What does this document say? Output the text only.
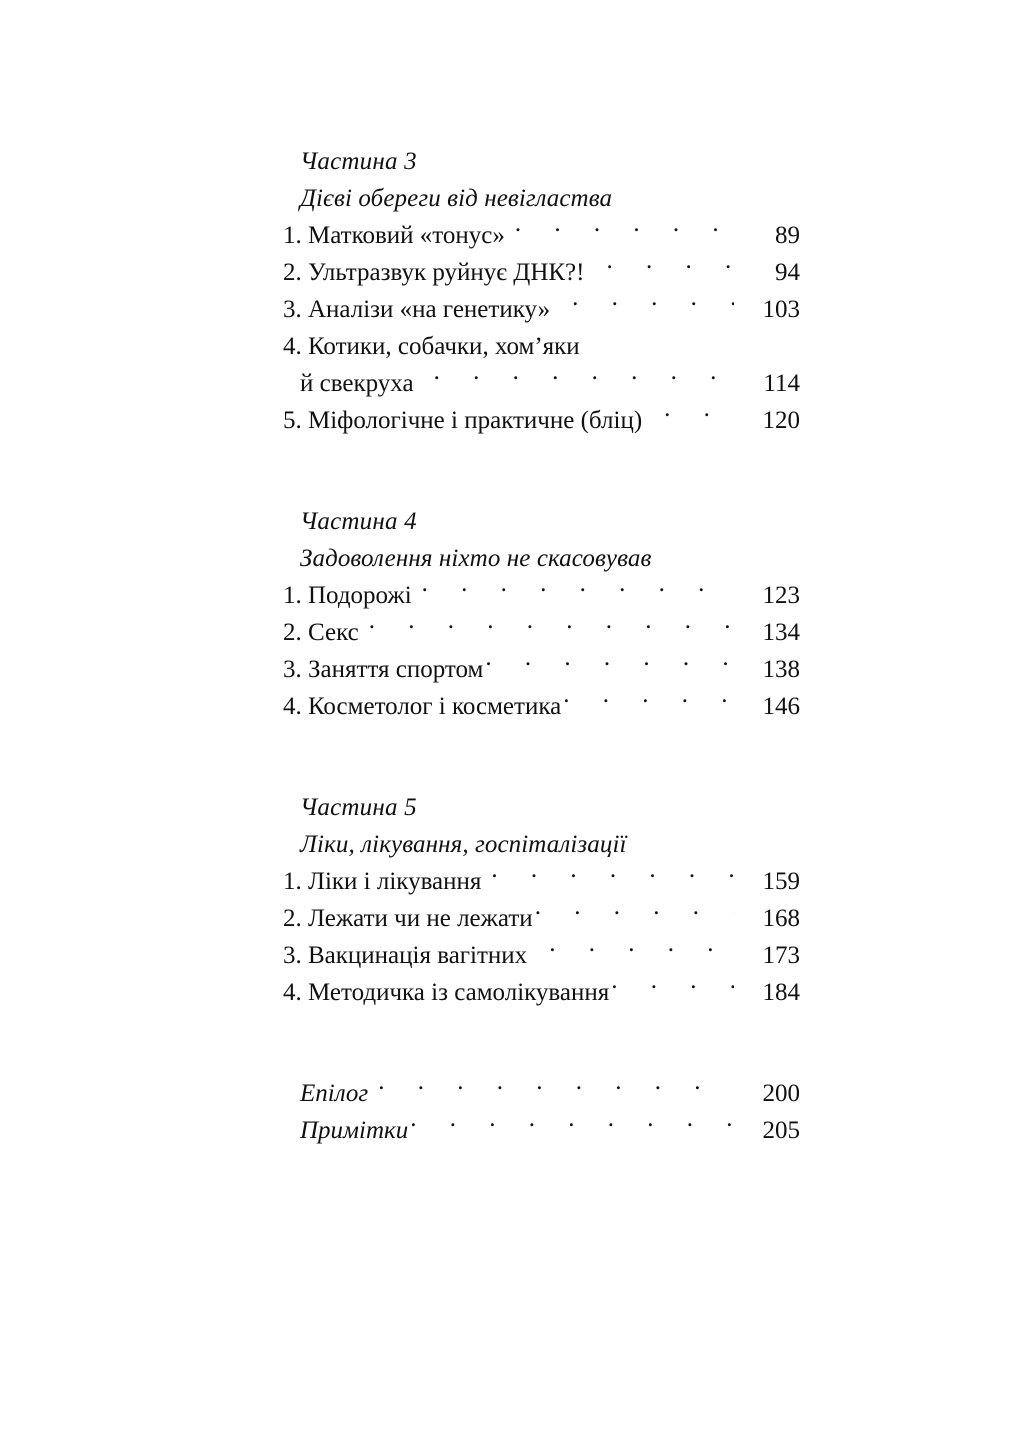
Частина 3
Дієві обереги від невігластва
1. Матковий «тонус» . . .	89
2. Ультразвук руйнує ДНК?! . . .	94
3. Аналізи «на генетику» . . .	103
4. Котики, собачки, хом’яки
й свекруха . . .	114
5. Міфологічне і практичне (бліц) . . .	120
Частина 4
Задоволення ніхто не скасовував
1. Подорожі . . .	123
2. Секс . . .	134
3. Заняття спортом . . .	138
4. Косметолог і косметика . . .	146
Частина 5
Ліки, лікування, госпіталізації
1. Ліки і лікування . . .	159
2. Лежати чи не лежати . . .	168
3. Вакцинація вагітних . . .	173
4. Методичка із самолікування . . .	184
Епілог . . .	200
Примітки . . .	205
